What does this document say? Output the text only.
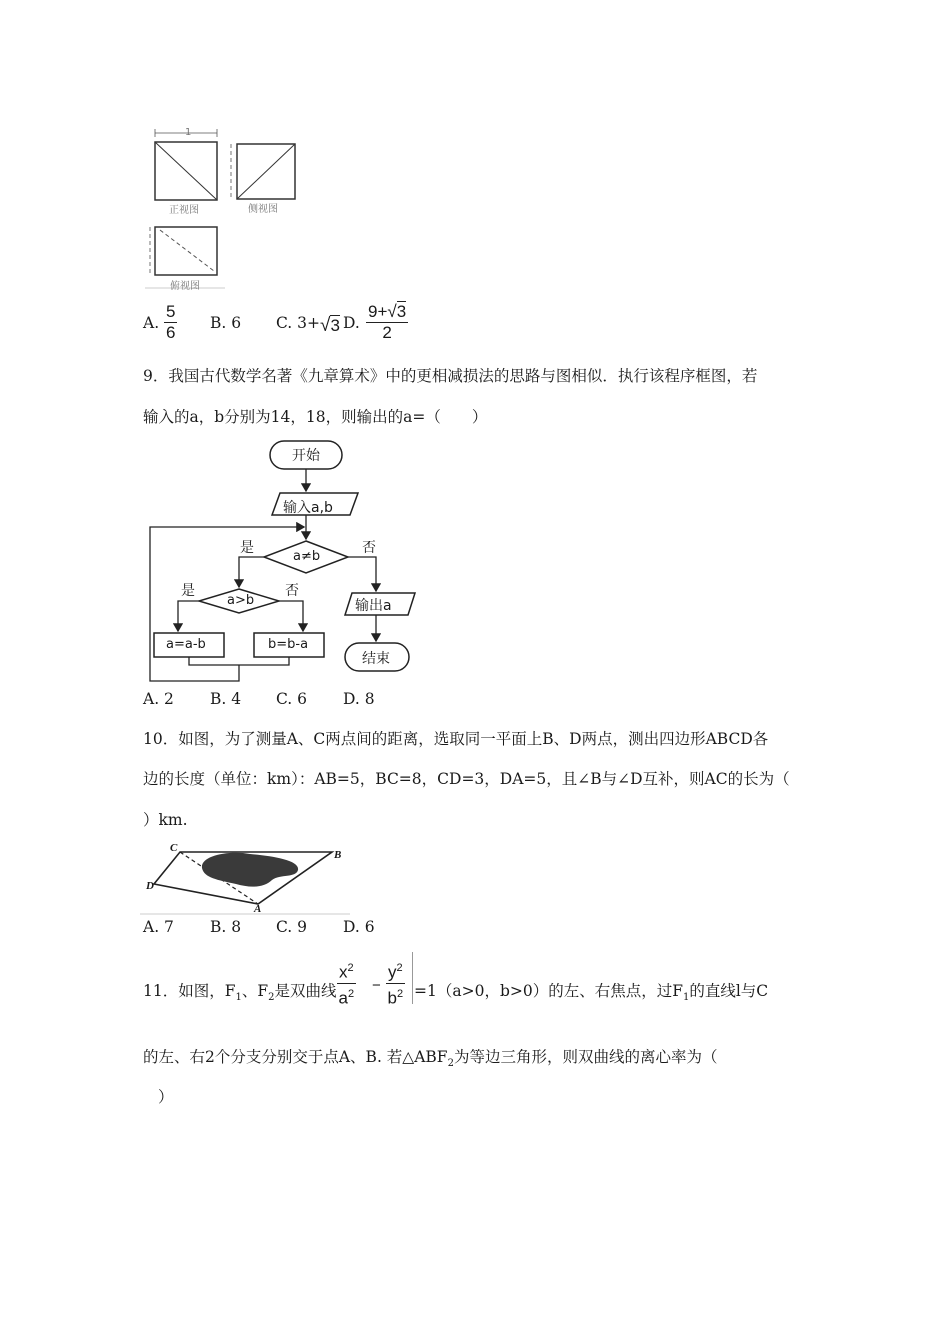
1
正视图	侧视图
俯视图
A. $\frac{5}{6} B$. 6 C. 3+ √3 D. $\frac{9+√3}{2}$
9．我国古代数学名著《九章算术》中的更相减损法的思路与图相似．执行该程序框图，若
输入的a，b分别为14，18，则输出的a=（　　）
开始
输入a,b
a≠b
是	否
a>b
是	否
a=a-b	b=b-a
输出a
结束
A. 2 B. 4 C. 6 D. 8
10．如图，为了测量A、C两点间的距离，选取同一平面上B、D两点，测出四边形ABCD各
边的长度（单位：km）：AB=5，BC=8，CD=3，DA=5，且∠B与∠D互补，则AC的长为（
）km.
C
B
D
A
A. 7 B. 8 C. 9 D. 6
11．如图，$F_1$、$F_2$是双曲线 $\frac{x^2}{a^2} - \frac{y^2}{b^2} =1(a>0$，b>0）的左、右焦点，过$F_1$的直线l与C
的左、右2个分支分别交于点A、B. 若$\triangle ABF_2$为等边三角形，则双曲线的离心率为（
）
